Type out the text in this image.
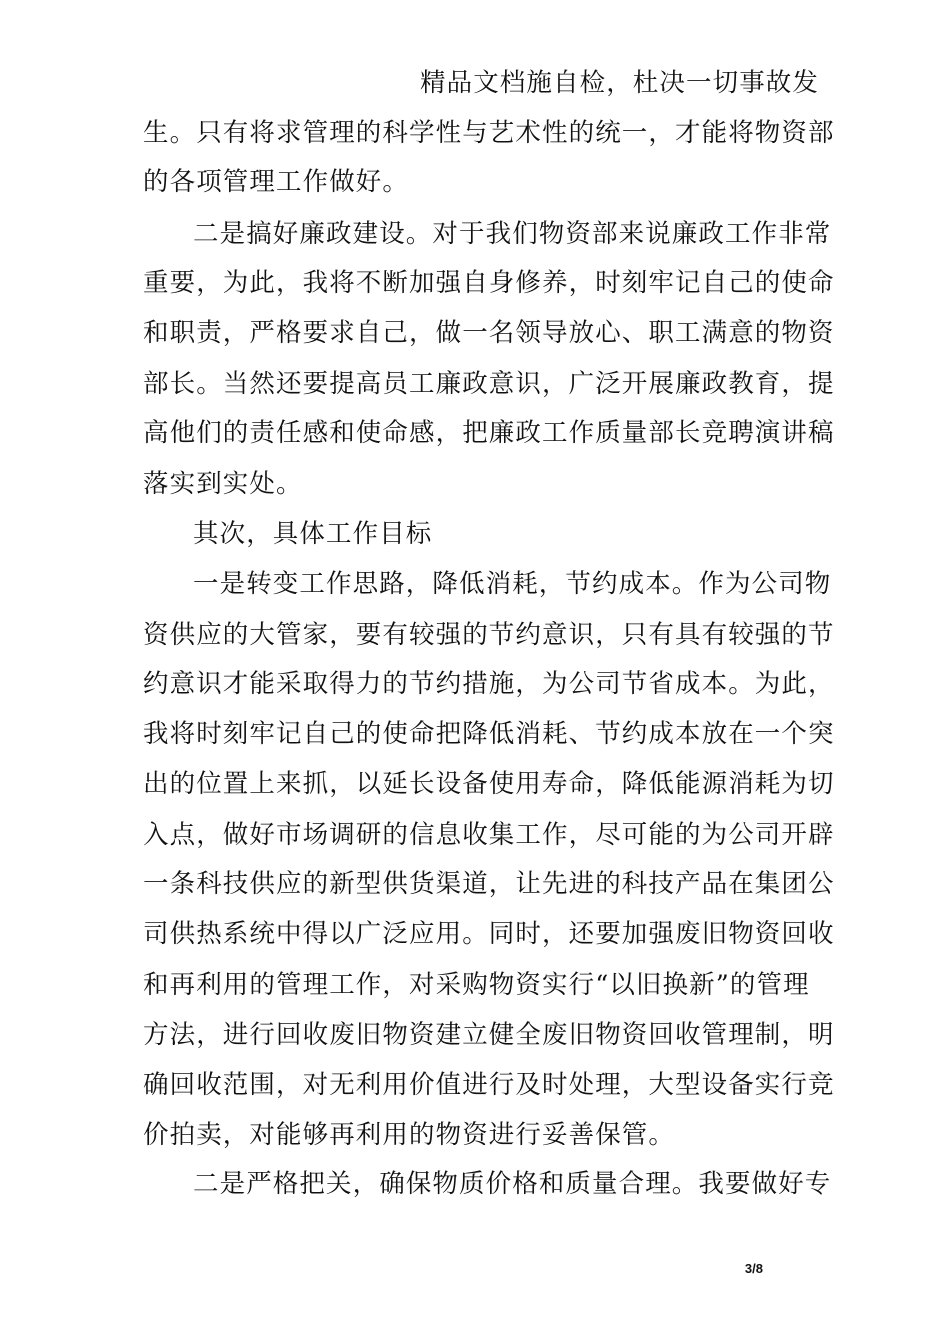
精品文档施自检，杜决一切事故发
生。只有将求管理的科学性与艺术性的统一，才能将物资部
的各项管理工作做好。
二是搞好廉政建设。对于我们物资部来说廉政工作非常
重要，为此，我将不断加强自身修养，时刻牢记自己的使命
和职责，严格要求自己，做一名领导放心、职工满意的物资
部长。当然还要提高员工廉政意识，广泛开展廉政教育，提
高他们的责任感和使命感，把廉政工作质量部长竞聘演讲稿
落实到实处。
其次，具体工作目标
一是转变工作思路，降低消耗，节约成本。作为公司物
资供应的大管家，要有较强的节约意识，只有具有较强的节
约意识才能采取得力的节约措施，为公司节省成本。为此，
我将时刻牢记自己的使命把降低消耗、节约成本放在一个突
出的位置上来抓，以延长设备使用寿命，降低能源消耗为切
入点，做好市场调研的信息收集工作，尽可能的为公司开辟
一条科技供应的新型供货渠道，让先进的科技产品在集团公
司供热系统中得以广泛应用。同时，还要加强废旧物资回收
和再利用的管理工作，对采购物资实行“以旧换新”的管理
方法，进行回收废旧物资建立健全废旧物资回收管理制，明
确回收范围，对无利用价值进行及时处理，大型设备实行竞
价拍卖，对能够再利用的物资进行妥善保管。
二是严格把关，确保物质价格和质量合理。我要做好专
3/8
